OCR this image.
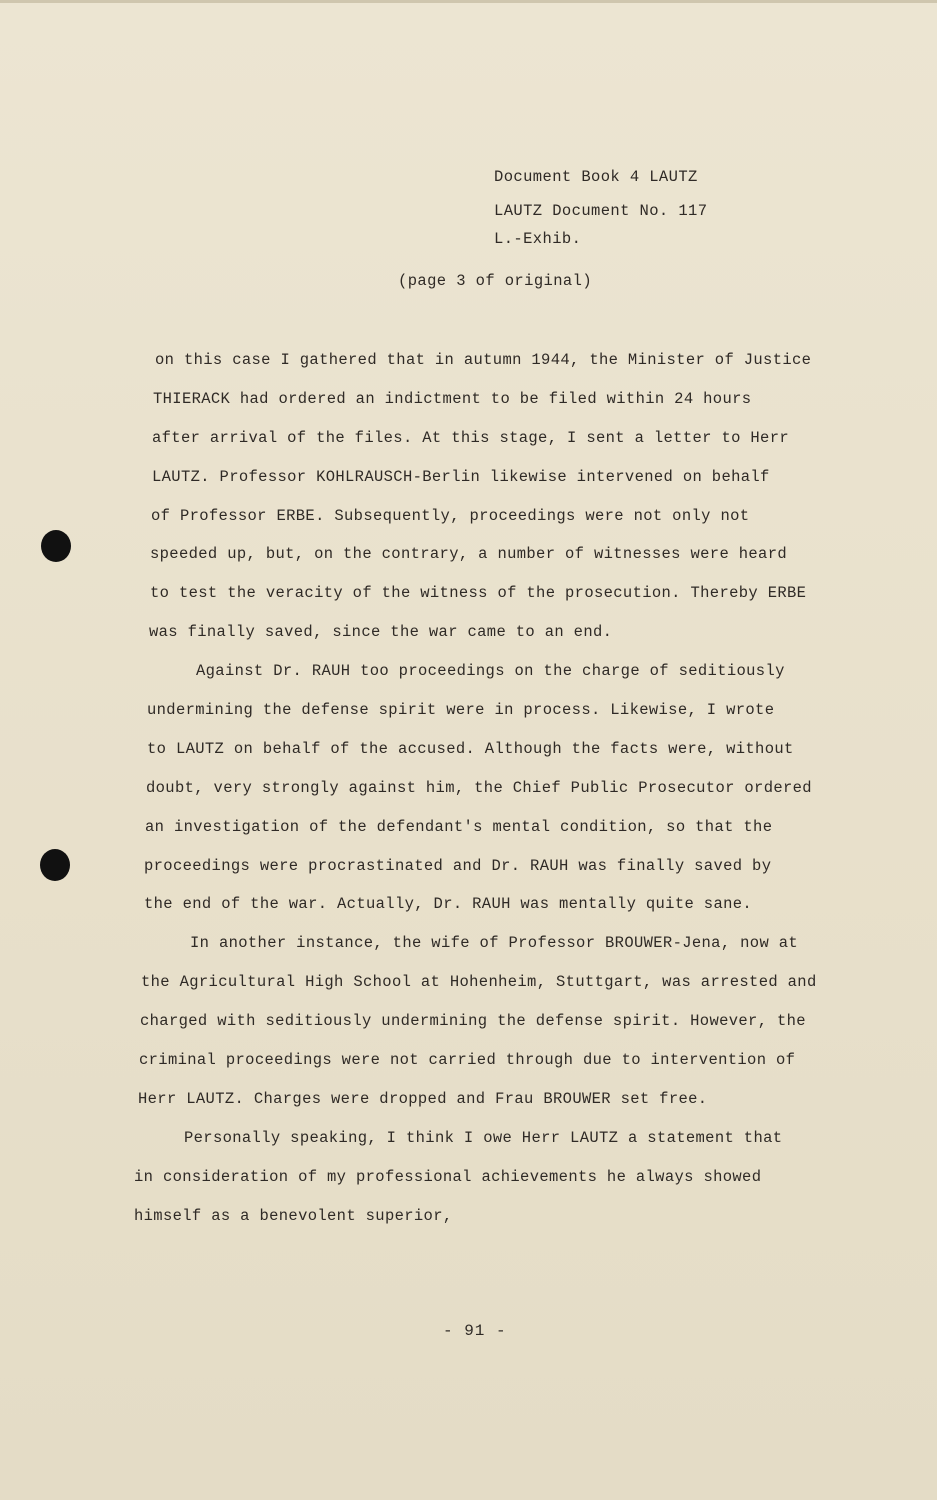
Document Book 4 LAUTZ
LAUTZ Document No. 117
L.-Exhib.
(page 3 of original)
on this case I gathered that in autumn 1944, the Minister of Justice
THIERACK had ordered an indictment to be filed within 24 hours
after arrival of the files. At this stage, I sent a letter to Herr
LAUTZ. Professor KOHLRAUSCH-Berlin likewise intervened on behalf
of Professor ERBE. Subsequently, proceedings were not only not
speeded up, but, on the contrary, a number of witnesses were heard
to test the veracity of the witness of the prosecution. Thereby ERBE
was finally saved, since the war came to an end.
Against Dr. RAUH too proceedings on the charge of seditiously
undermining the defense spirit were in process. Likewise, I wrote
to LAUTZ on behalf of the accused. Although the facts were, without
doubt, very strongly against him, the Chief Public Prosecutor ordered
an investigation of the defendant's mental condition, so that the
proceedings were procrastinated and Dr. RAUH was finally saved by
the end of the war. Actually, Dr. RAUH was mentally quite sane.
In another instance, the wife of Professor BROUWER-Jena, now at
the Agricultural High School at Hohenheim, Stuttgart, was arrested and
charged with seditiously undermining the defense spirit. However, the
criminal proceedings were not carried through due to intervention of
Herr LAUTZ. Charges were dropped and Frau BROUWER set free.
Personally speaking, I think I owe Herr LAUTZ a statement that
in consideration of my professional achievements he always showed
himself as a benevolent superior,
- 91 -
